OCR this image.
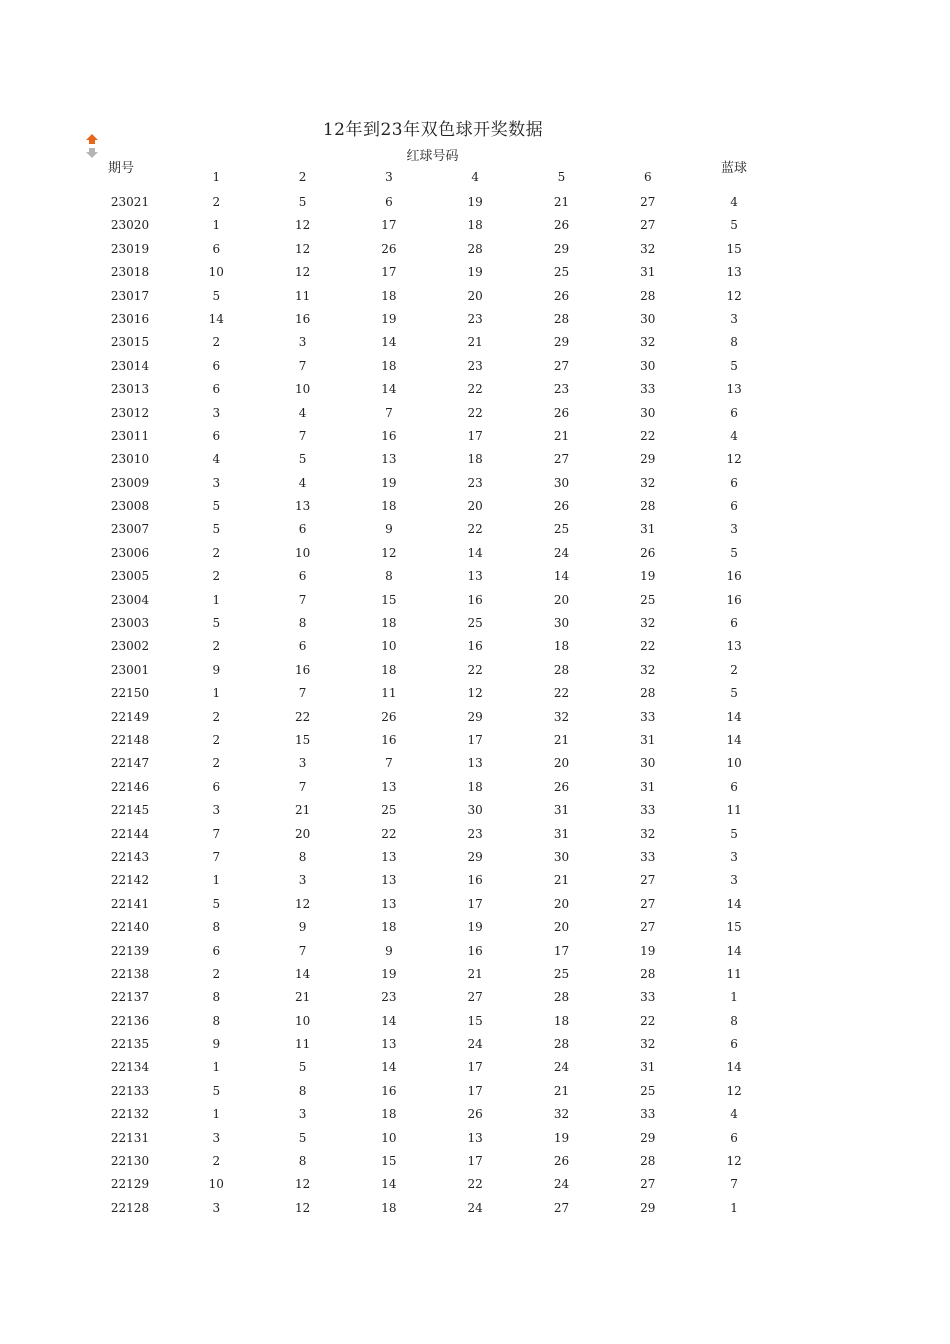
12年到23年双色球开奖数据
红球号码
期号	蓝球
1	2	3	4	5	6
23021	2	5	6	19	21	27	4
23020	1	12	17	18	26	27	5
23019	6	12	26	28	29	32	15
23018	10	12	17	19	25	31	13
23017	5	11	18	20	26	28	12
23016	14	16	19	23	28	30	3
23015	2	3	14	21	29	32	8
23014	6	7	18	23	27	30	5
23013	6	10	14	22	23	33	13
23012	3	4	7	22	26	30	6
23011	6	7	16	17	21	22	4
23010	4	5	13	18	27	29	12
23009	3	4	19	23	30	32	6
23008	5	13	18	20	26	28	6
23007	5	6	9	22	25	31	3
23006	2	10	12	14	24	26	5
23005	2	6	8	13	14	19	16
23004	1	7	15	16	20	25	16
23003	5	8	18	25	30	32	6
23002	2	6	10	16	18	22	13
23001	9	16	18	22	28	32	2
22150	1	7	11	12	22	28	5
22149	2	22	26	29	32	33	14
22148	2	15	16	17	21	31	14
22147	2	3	7	13	20	30	10
22146	6	7	13	18	26	31	6
22145	3	21	25	30	31	33	11
22144	7	20	22	23	31	32	5
22143	7	8	13	29	30	33	3
22142	1	3	13	16	21	27	3
22141	5	12	13	17	20	27	14
22140	8	9	18	19	20	27	15
22139	6	7	9	16	17	19	14
22138	2	14	19	21	25	28	11
22137	8	21	23	27	28	33	1
22136	8	10	14	15	18	22	8
22135	9	11	13	24	28	32	6
22134	1	5	14	17	24	31	14
22133	5	8	16	17	21	25	12
22132	1	3	18	26	32	33	4
22131	3	5	10	13	19	29	6
22130	2	8	15	17	26	28	12
22129	10	12	14	22	24	27	7
22128	3	12	18	24	27	29	1
